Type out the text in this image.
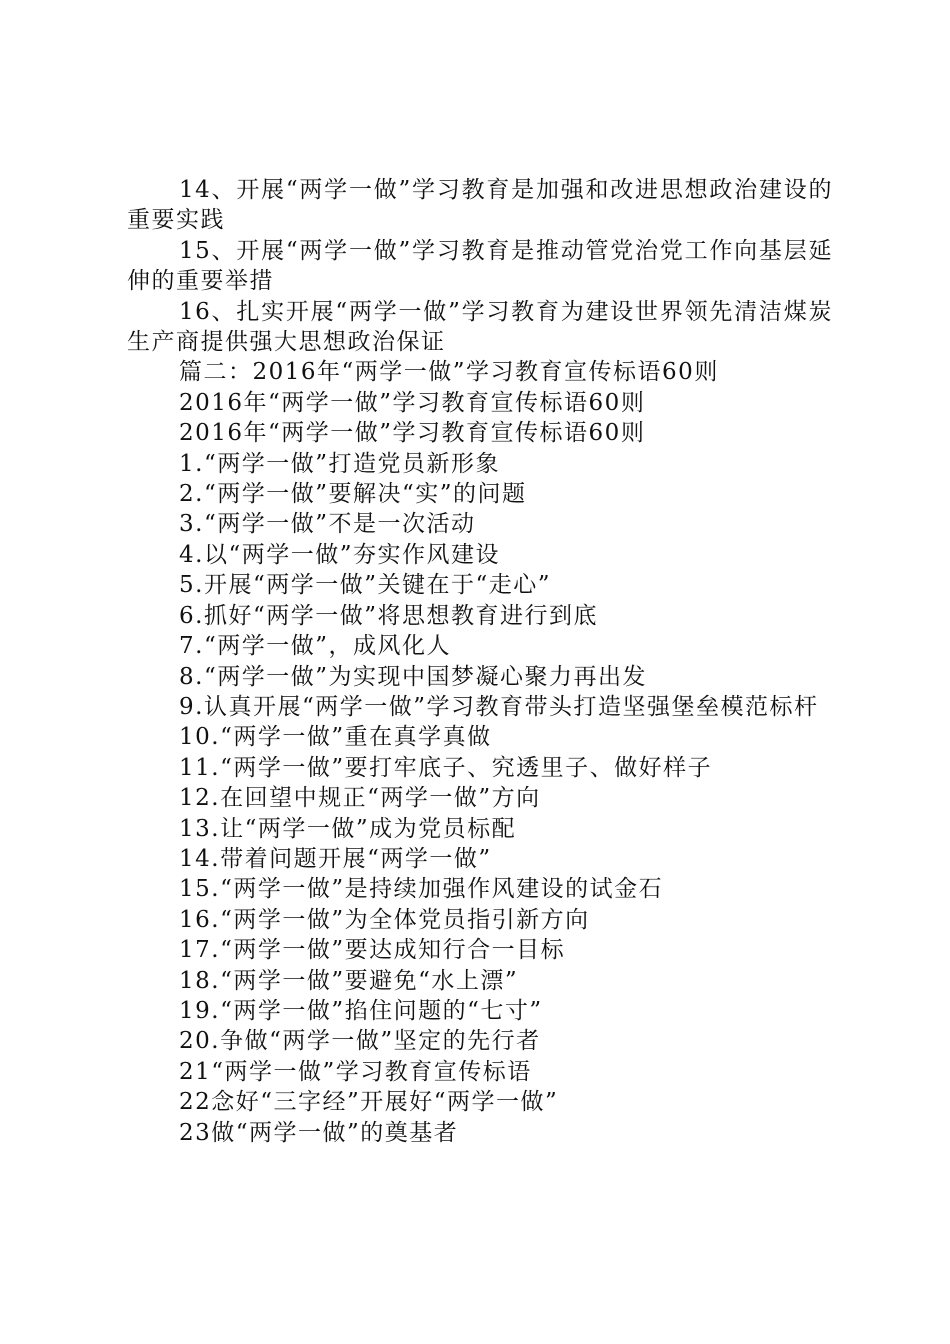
14、开展“两学一做”学习教育是加强和改进思想政治建设的重要实践

15、开展“两学一做”学习教育是推动管党治党工作向基层延伸的重要举措

16、扎实开展“两学一做”学习教育为建设世界领先清洁煤炭生产商提供强大思想政治保证

篇二：2016年“两学一做”学习教育宣传标语60则

2016年“两学一做”学习教育宣传标语60则

2016年“两学一做”学习教育宣传标语60则

1.“两学一做”打造党员新形象

2.“两学一做”要解决“实”的问题

3.“两学一做”不是一次活动

4.以“两学一做”夯实作风建设

5.开展“两学一做”关键在于“走心”

6.抓好“两学一做”将思想教育进行到底

7.“两学一做”，成风化人

8.“两学一做”为实现中国梦凝心聚力再出发

9.认真开展“两学一做”学习教育带头打造坚强堡垒模范标杆

10.“两学一做”重在真学真做

11.“两学一做”要打牢底子、究透里子、做好样子

12.在回望中规正“两学一做”方向

13.让“两学一做”成为党员标配

14.带着问题开展“两学一做”

15.“两学一做”是持续加强作风建设的试金石

16.“两学一做”为全体党员指引新方向

17.“两学一做”要达成知行合一目标

18.“两学一做”要避免“水上漂”

19.“两学一做”掐住问题的“七寸”

20.争做“两学一做”坚定的先行者

21“两学一做”学习教育宣传标语

22念好“三字经”开展好“两学一做”

23做“两学一做”的奠基者
